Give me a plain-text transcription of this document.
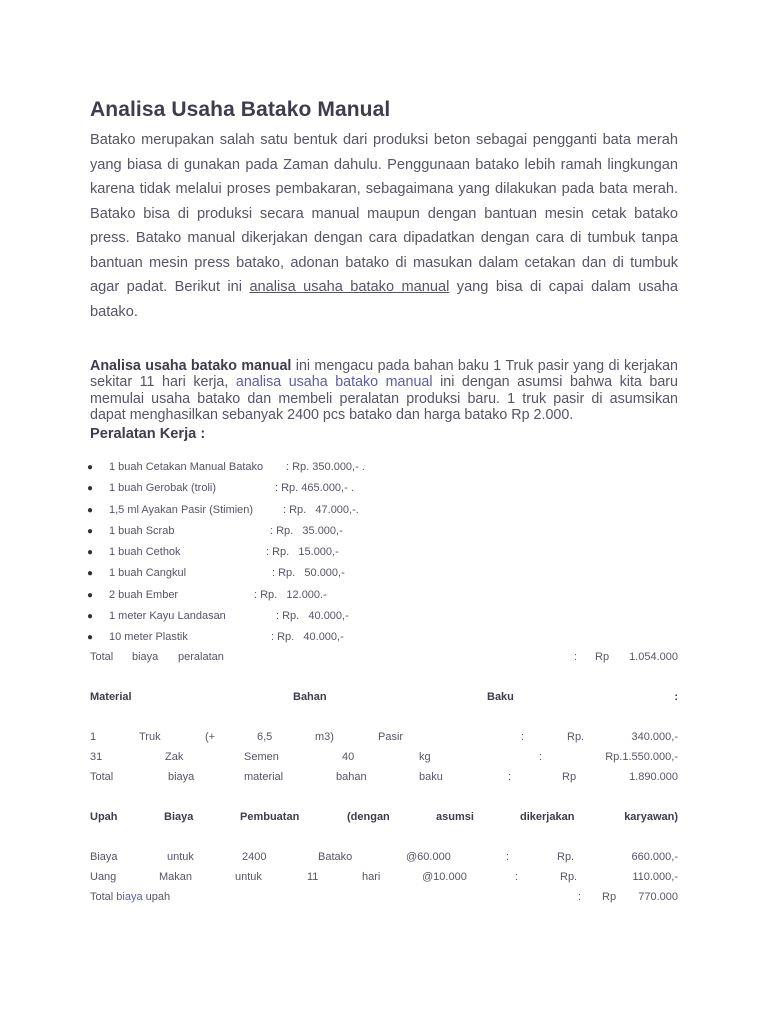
Analisa Usaha Batako Manual

Batako merupakan salah satu bentuk dari produksi beton sebagai pengganti bata merah yang biasa di gunakan pada Zaman dahulu. Penggunaan batako lebih ramah lingkungan karena tidak melalui proses pembakaran, sebagaimana yang dilakukan pada bata merah. Batako bisa di produksi secara manual maupun dengan bantuan mesin cetak batako press. Batako manual dikerjakan dengan cara dipadatkan dengan cara di tumbuk tanpa bantuan mesin press batako, adonan batako di masukan dalam cetakan dan di tumbuk agar padat. Berikut ini analisa usaha batako manual yang bisa di capai dalam usaha batako.

Analisa usaha batako manual ini mengacu pada bahan baku 1 Truk pasir yang di kerjakan sekitar 11 hari kerja, analisa usaha batako manual ini dengan asumsi bahwa kita baru memulai usaha batako dan membeli peralatan produksi baru. 1 truk pasir di asumsikan dapat menghasilkan sebanyak 2400 pcs batako dan harga batako Rp 2.000.

Peralatan Kerja :
● 1 buah Cetakan Manual Batako : Rp. 350.000,- .
● 1 buah Gerobak (troli)	: Rp. 465.000,- .
● 1,5 ml Ayakan Pasir (Stimien)	: Rp.   47.000,-.
● 1 buah Scrab	: Rp.   35.000,-
● 1 buah Cethok	: Rp.   15.000,-
● 1 buah Cangkul	: Rp.   50.000,-
● 2 buah Ember	: Rp.   12.000.-
● 1 meter Kayu Landasan	: Rp.   40.000,-
● 10 meter Plastik	: Rp.   40.000,-
Total biaya peralatan	: Rp 1.054.000
Material	Bahan	Baku	:
1	Truk	(+	6,5	m3)	Pasir	:	Rp.	340.000,-
31	Zak	Semen	40	kg	:	Rp.1.550.000,-
Total	biaya	material	bahan	baku	:	Rp	1.890.000
Upah	Biaya	Pembuatan	(dengan	asumsi	dikerjakan	karyawan)
Biaya	untuk	2400	Batako	@60.000	:	Rp.	660.000,-
Uang	Makan	untuk	11	hari	@10.000	:	Rp.	110.000,-
Total biaya upah	: Rp 770.000
